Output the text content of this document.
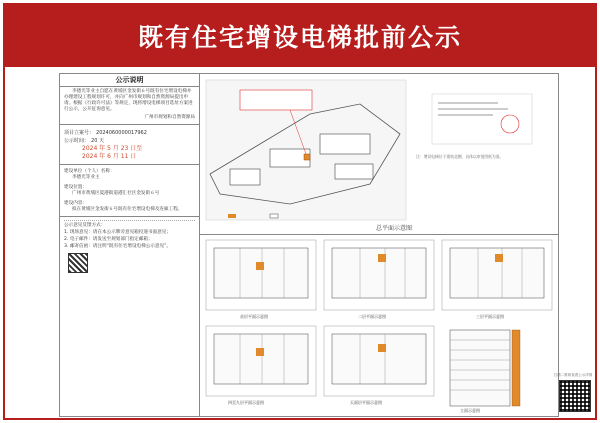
既有住宅增设电梯批前公示
公示说明

李德光等业主自愿在黄埔区金发街６号既有住宅增设电梯并办理建设工程规划许可，并向广州市规划和自然资源局提出申请。根据《行政许可法》等规定，现将增设电梯项目选址方案进行公示，公开征询意见。

广州市规划和自然资源局
项目立案号： 2024060000017962
公示时间： 20 天
2024 年 5 月 23 日至
2024 年 6 月 11 日
建设单位（个人）名称：
李德光等业主
建设位置：
广州市黄埔区夏港街道港汇社区金发街６号
建设内容：
拟在黄埔区金发街６号既有住宅增设电梯及连廊工程。

公示意见反馈方式：

1. 现场意见：请在本公示牌旁意见箱投递书面意见；

2. 电子邮件：请发送至规划部门指定邮箱；

3. 邮寄信函：请注明“既有住宅增设电梯公示意见”。

总平面示意图
注：增设电梯位于建筑北侧，具体以审批图纸为准。
首层平面示意图	二层平面示意图	三层平面示意图
四至九层平面示意图	天面层平面示意图
立面示意图
扫描二维码查看公示详情
